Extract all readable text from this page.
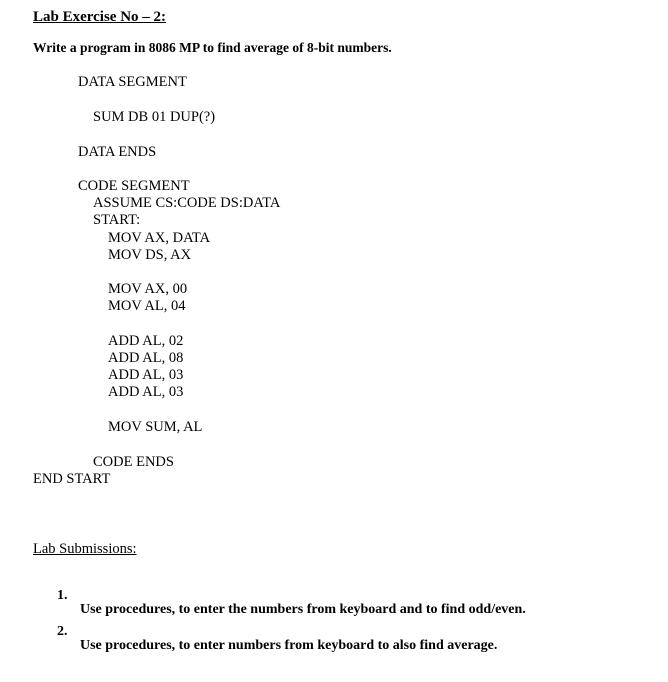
Lab Exercise No – 2:
Write a program in 8086 MP to find average of 8-bit numbers.
DATA SEGMENT
SUM DB 01 DUP(?)
DATA ENDS
CODE SEGMENT
ASSUME CS:CODE DS:DATA
START:
MOV AX, DATA
MOV DS, AX
MOV AX, 00
MOV AL, 04
ADD AL, 02
ADD AL, 08
ADD AL, 03
ADD AL, 03
MOV SUM, AL
CODE ENDS
END START
Lab Submissions:

1.

Use procedures, to enter the numbers from keyboard and to find odd/even.

2.

Use procedures, to enter numbers from keyboard to also find average.
